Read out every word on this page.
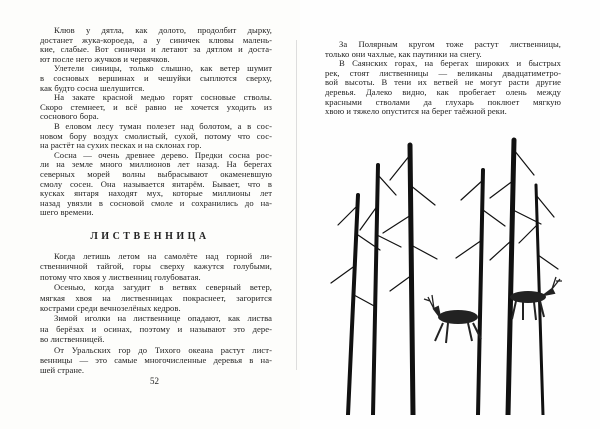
Клюв у дятла, как долото, продолбит дырку,
достанет жука-короеда, а у синичек клювы малень-
кие, слабые. Вот синички и летают за дятлом и доста-
ют после него жучков и червячков.
Улетели синицы, только слышно, как ветер шумит
в сосновых вершинах и чешуйки сыплются сверху,
как будто сосна шелушится.
На закате красной медью горят сосновые стволы.
Скоро стемнеет, и всё равно не хочется уходить из
соснового бора.
В еловом лесу туман полезет над болотом, а в сос-
новом бору воздух смолистый, сухой, потому что сос-
на растёт на сухих песках и на склонах гор.
Сосна — очень древнее дерево. Предки сосна рос-
ли на земле много миллионов лет назад. На берегах
северных морей волны выбрасывают окаменевшую
смолу сосен. Она называется янтарём. Бывает, что в
кусках янтаря находят мух, которые миллионы лет
назад увязли в сосновой смоле и сохранились до на-
шего времени.
ЛИСТВЕННИЦА
Когда летишь летом на самолёте над горной ли-
ственничной тайгой, горы сверху кажутся голубыми,
потому что хвоя у лиственниц голубоватая.
Осенью, когда загудит в ветвях северный ветер,
мягкая хвоя на лиственницах покраснеет, загорится
кострами среди вечнозелёных кедров.
Зимой иголки на лиственнице опадают, как листва
на берёзах и осинах, поэтому и называют это дере-
во лиственницей.
От Уральских гор до Тихого океана растут лист-
венницы — это самые многочисленные деревья в на-
шей стране.
52
За Полярным кругом тоже растут лиственницы,
только они чахлые, как паутинки на снегу.
В Саянских горах, на берегах широких и быстрых
рек, стоят лиственницы — великаны двадцатиметро-
вой высоты. В тени их ветвей не могут расти другие
деревья. Далеко видно, как пробегает олень между
красными стволами да глухарь поклюет мягкую
хвою и тяжело опустится на берег таёжной реки.
